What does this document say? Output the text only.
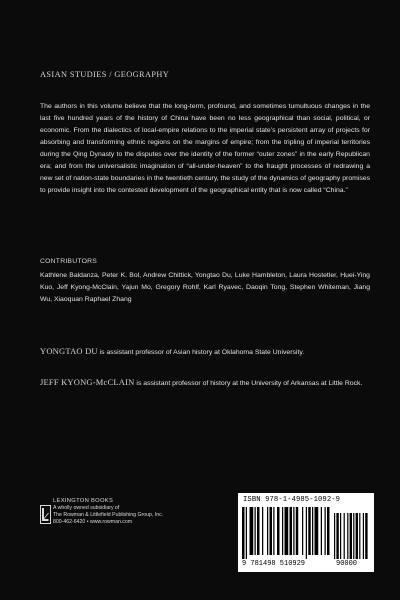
ASIAN STUDIES / GEOGRAPHY
The authors in this volume believe that the long-term, profound, and sometimes tumultuous changes in the last five hundred years of the history of China have been no less geographical than social, political, or economic. From the dialectics of local-empire relations to the imperial state’s persistent array of projects for absorbing and transforming ethnic regions on the margins of empire; from the tripling of imperial territories during the Qing Dynasty to the disputes over the identity of the former “outer zones” in the early Republican era; and from the universalistic imagination of “all-under-heaven” to the fraught processes of redrawing a new set of nation-state boundaries in the twentieth century, the study of the dynamics of geography promises to provide insight into the contested development of the geographical entity that is now called “China.”
CONTRIBUTORS
Kathlene Baldanza, Peter K. Bol, Andrew Chittick, Yongtao Du, Luke Hambleton, Laura Hostetler, Huei-Ying Kuo, Jeff Kyong-McClain, Yajun Mo, Gregory Rohlf, Karl Ryavec, Daoqin Tong, Stephen Whiteman, Jiang Wu, Xiaoquan Raphael Zhang
YONGTAO DU is assistant professor of Asian history at Oklahoma State University.
JEFF KYONG-McCLAIN is assistant professor of history at the University of Arkansas at Little Rock.
LEXINGTON BOOKS
A wholly owned subsidiary of
The Rowman & Littlefield Publishing Group, Inc.
800-462-6420 • www.rowman.com
ISBN 978-1-4985-1092-9
9 781498 510929	90000
